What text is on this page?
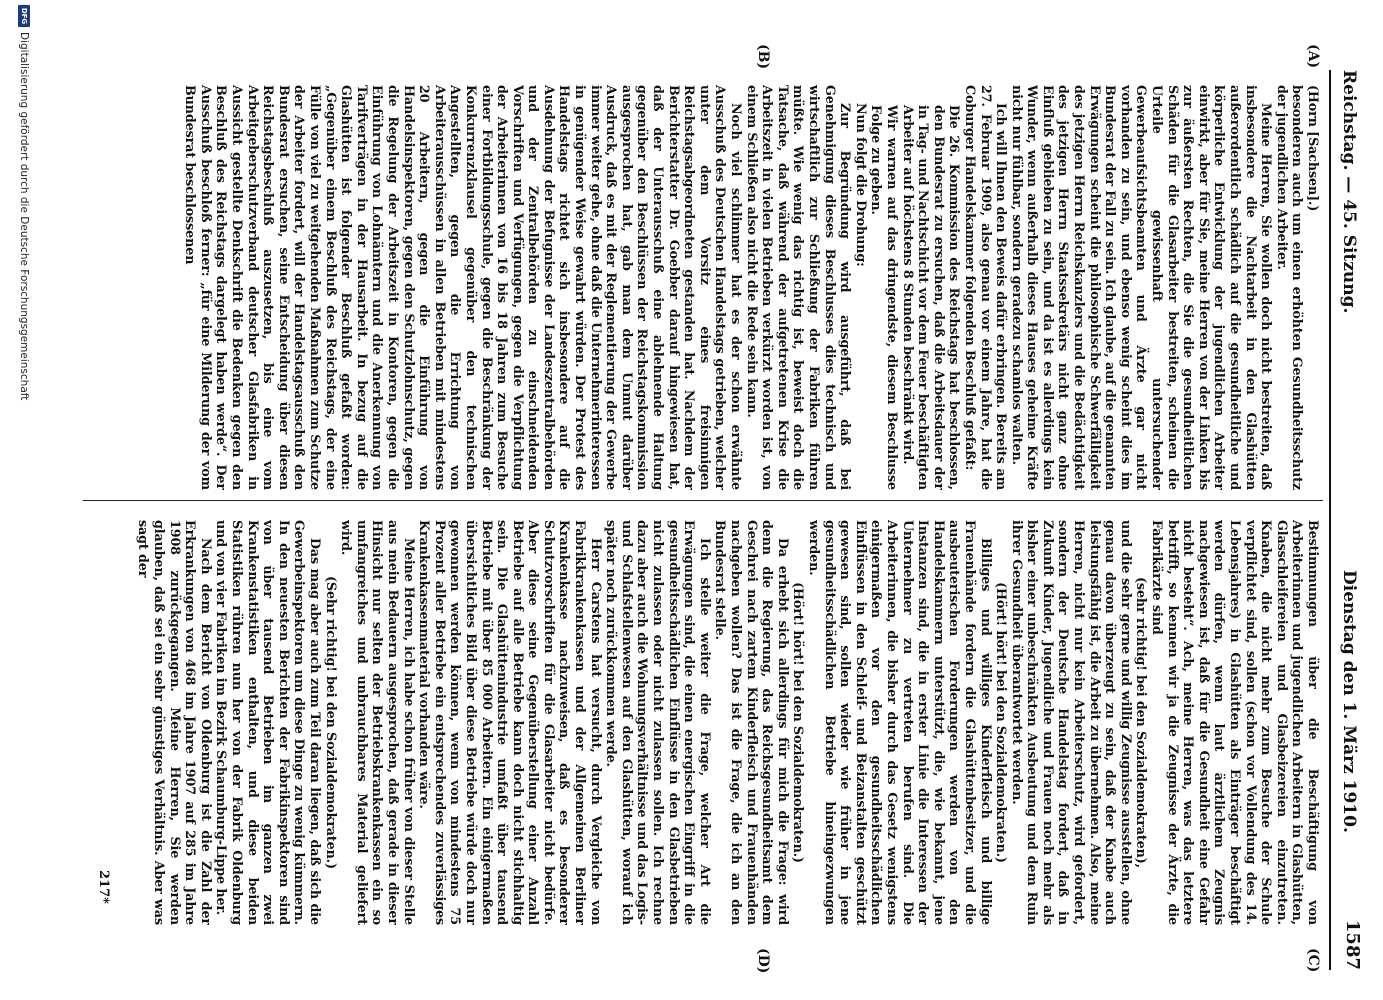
Reichstag. — 45. Sitzung.
Dienstag den 1. März 1910.
1587
(A)
(B)
(C)
(D)

(Horn [Sachsen].)

besonderen auch um einen erhöhten Gesundheitsschutz der jugendlichen Arbeiter.

Meine Herren, Sie wollen doch nicht bestreiten, daß insbesondere die Nachtarbeit in den Glashütten außerordentlich schädlich auf die gesundheitliche und körperliche Entwicklung der jugendlichen Arbeiter einwirkt, aber für Sie, meine Herren von der Linken bis zur äußersten Rechten, die Sie die gesundheitlichen Schäden für die Glasarbeiter bestreiten, scheinen die Urteile gewissenhaft untersuchender Gewerbeaufsichtsbeamten und Ärzte gar nicht vorhanden zu sein, und ebenso wenig scheint dies im Bundesrat der Fall zu sein. Ich glaube, auf die genannten Erwägungen scheint die philosophische Schwerfälligkeit des jetzigen Herrn Reichskanzlers und die Bedächtigkeit des jetzigen Herrn Staatssekretärs nicht ganz ohne Einfluß geblieben zu sein, und da ist es allerdings kein Wunder, wenn außerhalb dieses Hauses geheime Kräfte nicht nur fühlbar, sondern geradezu schamlos walten.

Ich will Ihnen den Beweis dafür erbringen. Bereits am 27. Februar 1909, also genau vor einem Jahre, hat die Coburger Handelskammer folgenden Beschluß gefaßt:

Die 26. Kommission des Reichstags hat beschlossen, den Bundesrat zu ersuchen, daß die Arbeitsdauer der in Tag- und Nachtschicht vor dem Feuer beschäftigten Arbeiter auf höchstens 8 Stunden beschränkt wird.

Wir warnen auf das dringendste, diesem Beschlusse Folge zu geben.

Nun folgt die Drohung:

Zur Begründung wird ausgeführt, daß bei Genehmigung dieses Beschlusses dies technisch und wirtschaftlich zur Schließung der Fabriken führen müßte. Wie wenig das richtig ist, beweist doch die Tatsache, daß während der aufgetretenen Krise die Arbeitszeit in vielen Betrieben verkürzt worden ist, von einem Schließen also nicht die Rede sein kann.

Noch viel schlimmer hat es der schon erwähnte Ausschuß des Deutschen Handelstags getrieben, welcher unter dem Vorsitz eines freisinnigen Reichstagsabgeordneten gestanden hat. Nachdem der Berichterstatter Dr. Goebber darauf hingewiesen hat, daß der Unterausschuß eine ablehnende Haltung gegenüber den Beschlüssen der Reichstagskommission ausgesprochen hat, gab man dem Unmut darüber Ausdruck, daß es mit der Reglementierung der Gewerbe immer weiter gehe, ohne daß die Unternehmerinteressen in genügender Weise gewahrt würden. Der Protest des Handelstags richtet sich insbesondere auf die Ausdehnung der Befugnisse der Landeszentralbehörden und der Zentralbehörden zu einschneidenden Vorschriften und Verfügungen, gegen die Verpflichtung der Arbeiterinnen von 16 bis 18 Jahren zum Besuche einer Fortbildungsschule, gegen die Beschränkung der Konkurrenzklausel gegenüber den technischen Angestellten, gegen die Errichtung von Arbeiterausschüssen in allen Betrieben mit mindestens 20 Arbeitern, gegen die Einführung von Handelsinspektoren, gegen den Schutzlohnschutz, gegen die Regelung der Arbeitszeit in Kontoren, gegen die Einführung von Lohnämtern und die Anerkennung von Tarifverträgen in der Hausarbeit. In bezug auf die Glashütten ist folgender Beschluß gefaßt worden: „Gegenüber einem Beschluß des Reichstags, der eine Fülle von viel zu weitgehenden Maßnahmen zum Schutze der Arbeiter fordert, will der Handelstagsausschuß den Bundesrat ersuchen, seine Entscheidung über diesen Reichstagsbeschluß auszusetzen, bis eine vom Arbeitgeberschutzverband deutscher Glasfabriken in Aussicht gestellte Denkschrift die Bedenken gegen den Beschluß des Reichstags dargelegt haben werde“. Der Ausschuß beschloß ferner: „für eine Milderung der vom Bundesrat beschlossenen

Bestimmungen über die Beschäftigung von Arbeiterinnen und jugendlichen Arbeitern in Glashütten, Glasschleifereien und Glasbeizereien einzutreten. Knaben, die nicht mehr zum Besuche der Schule verpflichtet sind, sollen (schon vor Vollendung des 14. Lebensjahres) in Glashütten als Einträger beschäftigt werden dürfen, wenn laut ärztlichem Zeugnis nachgewiesen ist, daß für die Gesundheit eine Gefahr nicht besteht“. Ach, meine Herren, was das letztere betrifft, so kennen wir ja die Zeugnisse der Ärzte, die Fabrikärzte sind

(sehr richtig! bei den Sozialdemokraten),

und die sehr gerne und willig Zeugnisse ausstellen, ohne genau davon überzeugt zu sein, daß der Knabe auch leistungsfähig ist, die Arbeit zu übernehmen. Also, meine Herren, nicht nur kein Arbeiterschutz, wird gefordert, sondern der Deutsche Handelstag fordert, daß in Zukunft Kinder, Jugendliche und Frauen noch mehr als bisher einer unbeschränkten Ausbeutung und dem Ruin ihrer Gesundheit überantwortet werden.

(Hört! hört! bei den Sozialdemokraten.)

Billiges und williges Kinderfleisch und billige Frauenhände fordern die Glashüttenbesitzer, und die ausbeuterischen Forderungen werden von den Handelskammern unterstützt, die, wie bekannt, jene Instanzen sind, die in erster Linie die Interessen der Unternehmer zu vertreten berufen sind. Die Arbeiterinnen, die bisher durch das Gesetz wenigstens einigermaßen vor den gesundheitsschädlichen Einflüssen in den Schleif- und Beizanstalten geschützt gewesen sind, sollen wieder wie früher in jene gesundheitsschädlichen Betriebe hineingezwungen werden.

(Hört! hört! bei den Sozialdemokraten.)

Da erhebt sich allerdings für mich die Frage: wird denn die Regierung, das Reichsgesundheitsamt dem Geschrei nach zartem Kinderfleisch und Frauenhänden nachgeben wollen? Das ist die Frage, die ich an den Bundesrat stelle.

Ich stelle weiter die Frage, welcher Art die Erwägungen sind, die einen energischen Eingriff in die gesundheitsschädlichen Einflüsse in den Glasbetrieben nicht zulassen oder nicht zulassen sollen. Ich rechne dazu aber auch die Wohnungsverhältnisse und das Logis- und Schlafstellenwesen auf den Glashütten, worauf ich später noch zurückkommen werde.

Herr Carstens hat versucht, durch Vergleiche von Fabrikkrankenkassen und der Allgemeinen Berliner Krankenkasse nachzuweisen, daß es besonderer Schutzvorschriften für die Glasarbeiter nicht bedürfe. Aber diese seine Gegenüberstellung einer Anzahl Betriebe auf alle Betriebe kann doch nicht stichhaltig sein. Die Glashüttenindustrie umfaßt über tausend Betriebe mit über 85 000 Arbeitern. Ein einigermaßen übersichtliches Bild über diese Betriebe würde doch nur gewonnen werden können, wenn von mindestens 75 Prozent aller Betriebe ein entsprechendes zuverlässiges Krankenkassenmaterial vorhanden wäre.

Meine Herren, ich habe schon früher von dieser Stelle aus mein Bedauern ausgesprochen, daß gerade in dieser Hinsicht nur selten der Betriebskrankenkassen ein so umfangreiches und unbrauchbares Material geliefert wird.

(Sehr richtig! bei den Sozialdemokraten.)

Das mag aber auch zum Teil daran liegen, daß sich die Gewerbeinspektoren um diese Dinge zu wenig kümmern. In den neuesten Berichten der Fabrikinspektoren sind von über tausend Betrieben im ganzen zwei Krankenstatistiken enthalten, und diese beiden Statistiken rühren nun her von der Fabrik Oldenburg und von vier Fabriken im Bezirk Schaumburg-Lippe her.

Nach dem Bericht von Oldenburg ist die Zahl der Erkrankungen von 468 im Jahre 1907 auf 285 im Jahre 1908 zurückgegangen. Meine Herren, Sie werden glauben, daß sei ein sehr günstiges Verhältnis. Aber was sagt der

217*
DFG
Digitalisierung gefördert durch die Deutsche Forschungsgemeinschaft
